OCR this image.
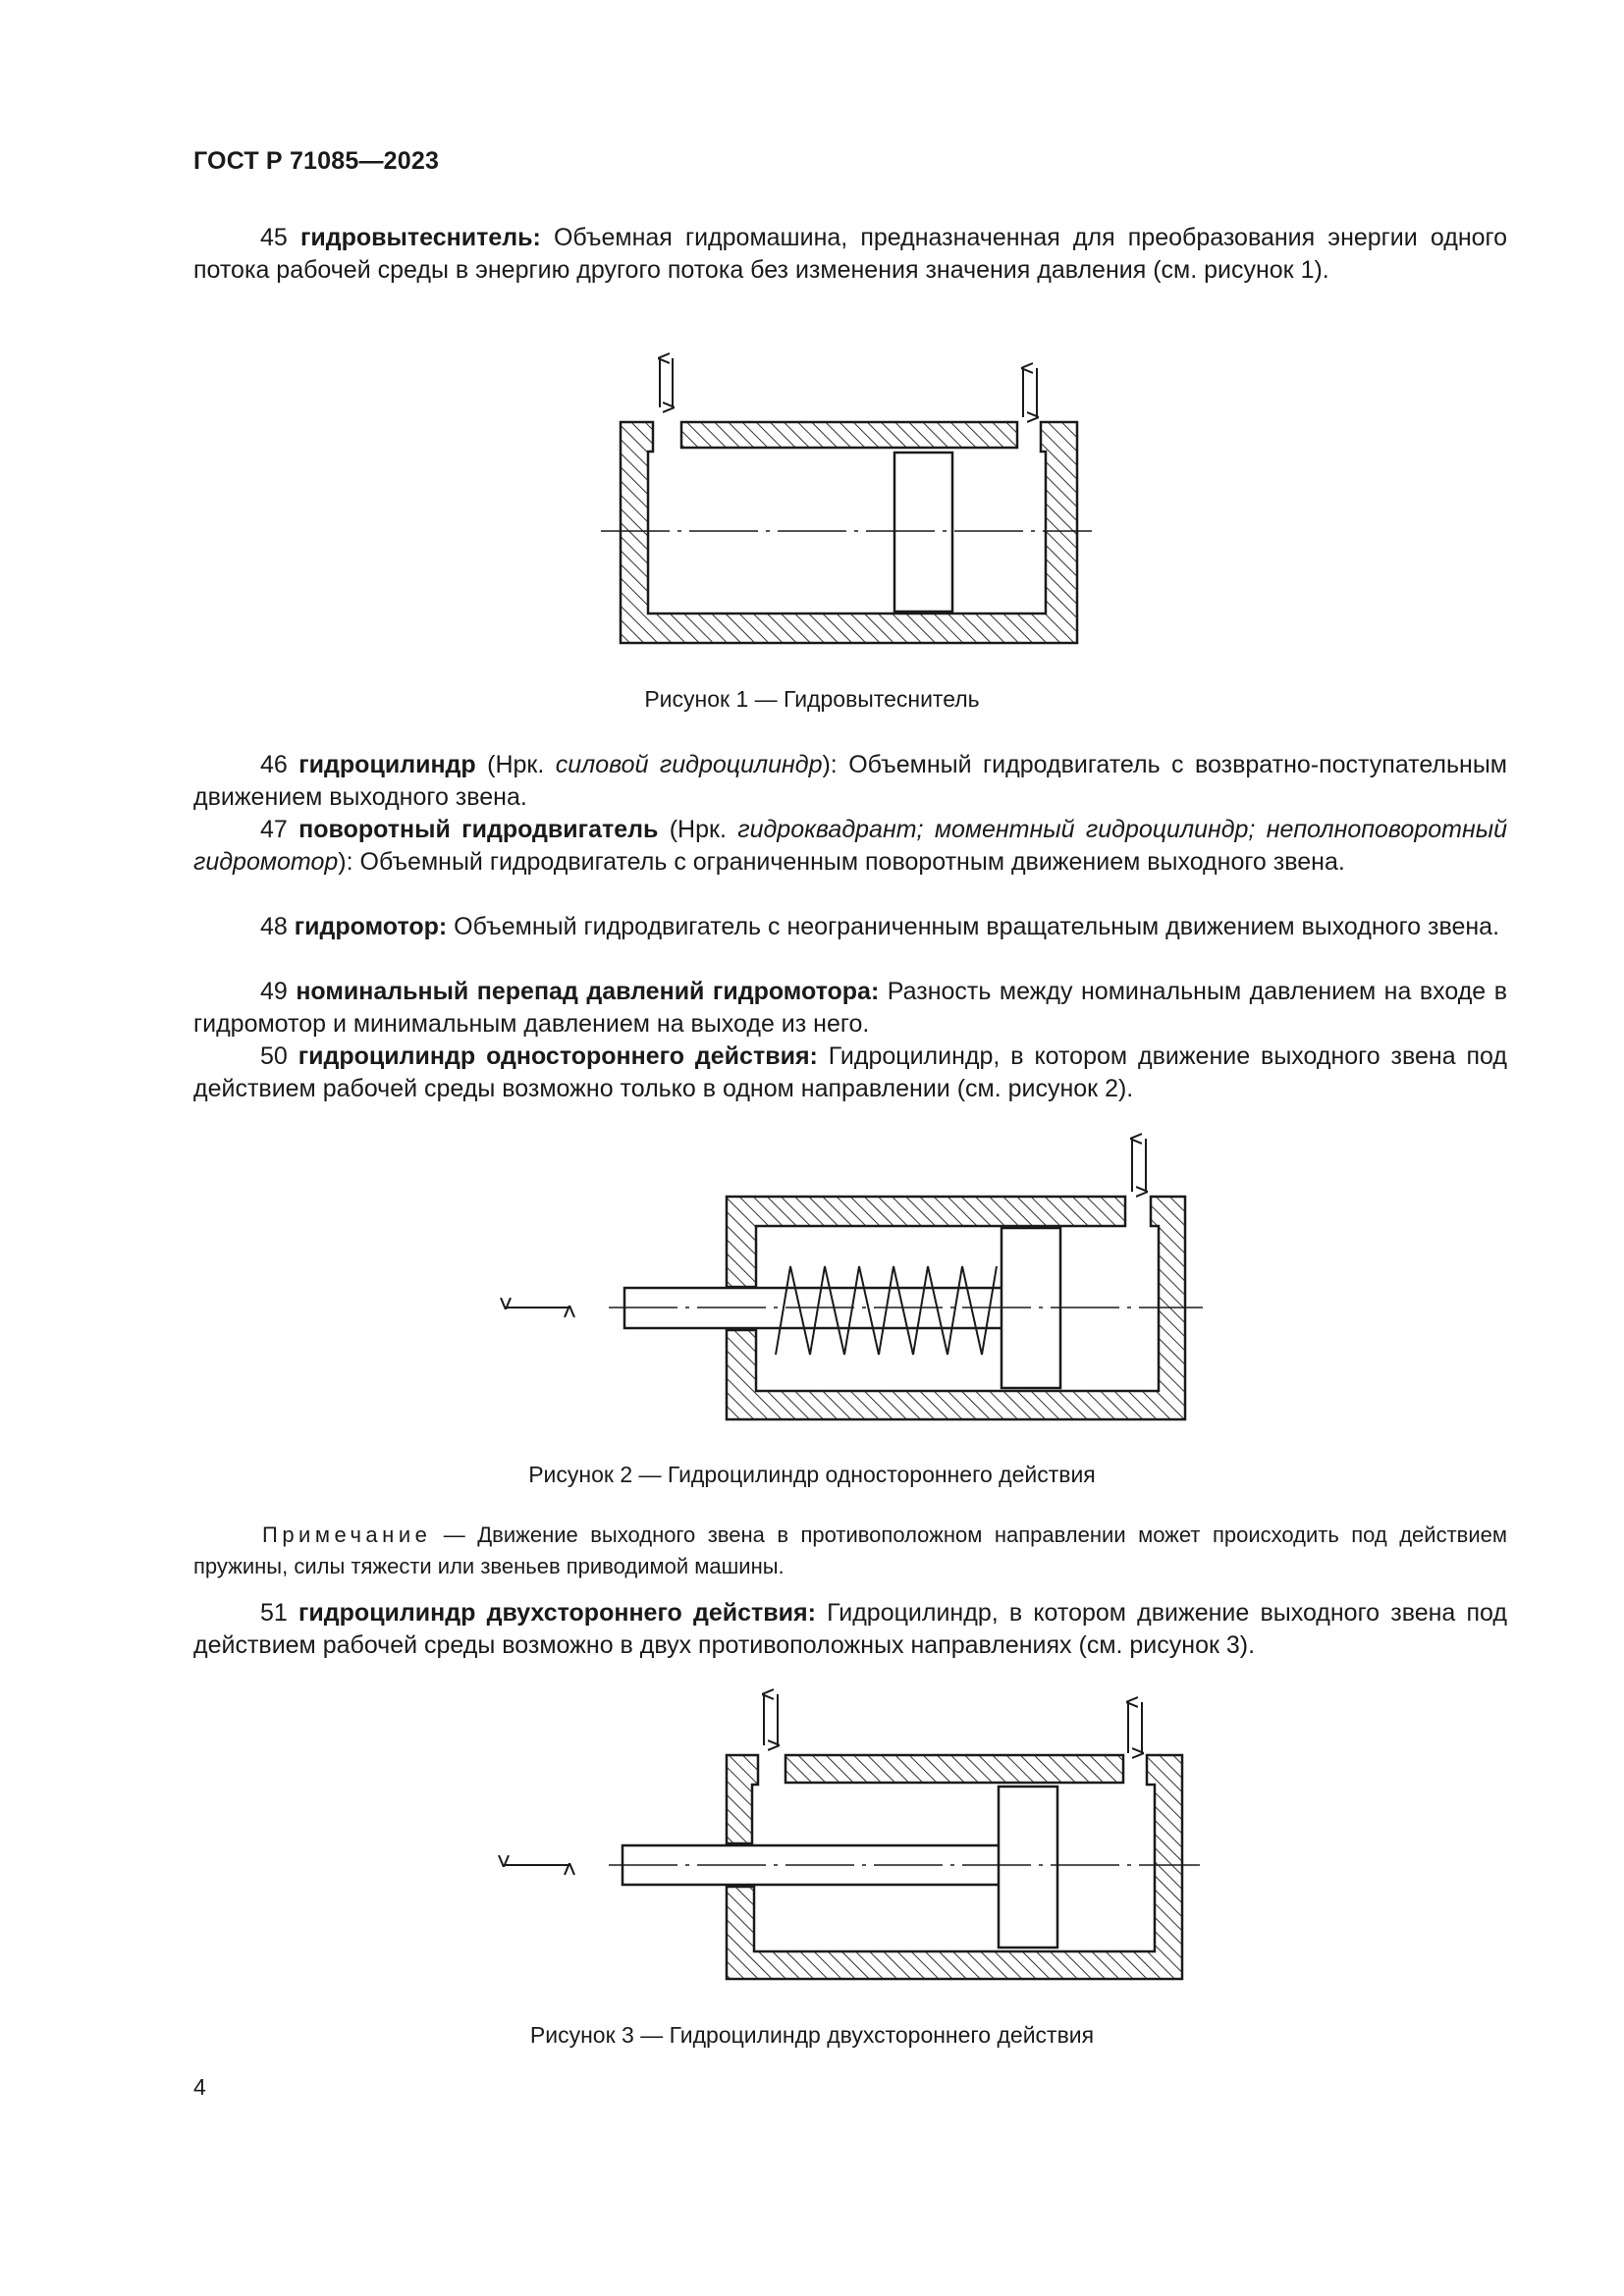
ГОСТ Р 71085—2023
45 гидровытеснитель: Объемная гидромашина, предназначенная для преобразования энергии одного потока рабочей среды в энергию другого потока без изменения значения давления (см. рисунок 1).
Рисунок 1 — Гидровытеснитель
46 гидроцилиндр (Нрк. силовой гидроцилиндр): Объемный гидродвигатель с возвратно-поступательным движением выходного звена.
47 поворотный гидродвигатель (Нрк. гидроквадрант; моментный гидроцилиндр; неполноповоротный гидромотор): Объемный гидродвигатель с ограниченным поворотным движением выходного звена.
48 гидромотор: Объемный гидродвигатель с неограниченным вращательным движением выходного звена.
49 номинальный перепад давлений гидромотора: Разность между номинальным давлением на входе в гидромотор и минимальным давлением на выходе из него.
50 гидроцилиндр одностороннего действия: Гидроцилиндр, в котором движение выходного звена под действием рабочей среды возможно только в одном направлении (см. рисунок 2).
Рисунок 2 — Гидроцилиндр одностороннего действия
Примечание — Движение выходного звена в противоположном направлении может происходить под действием пружины, силы тяжести или звеньев приводимой машины.
51 гидроцилиндр двухстороннего действия: Гидроцилиндр, в котором движение выходного звена под действием рабочей среды возможно в двух противоположных направлениях (см. рисунок 3).
Рисунок 3 — Гидроцилиндр двухстороннего действия
4
